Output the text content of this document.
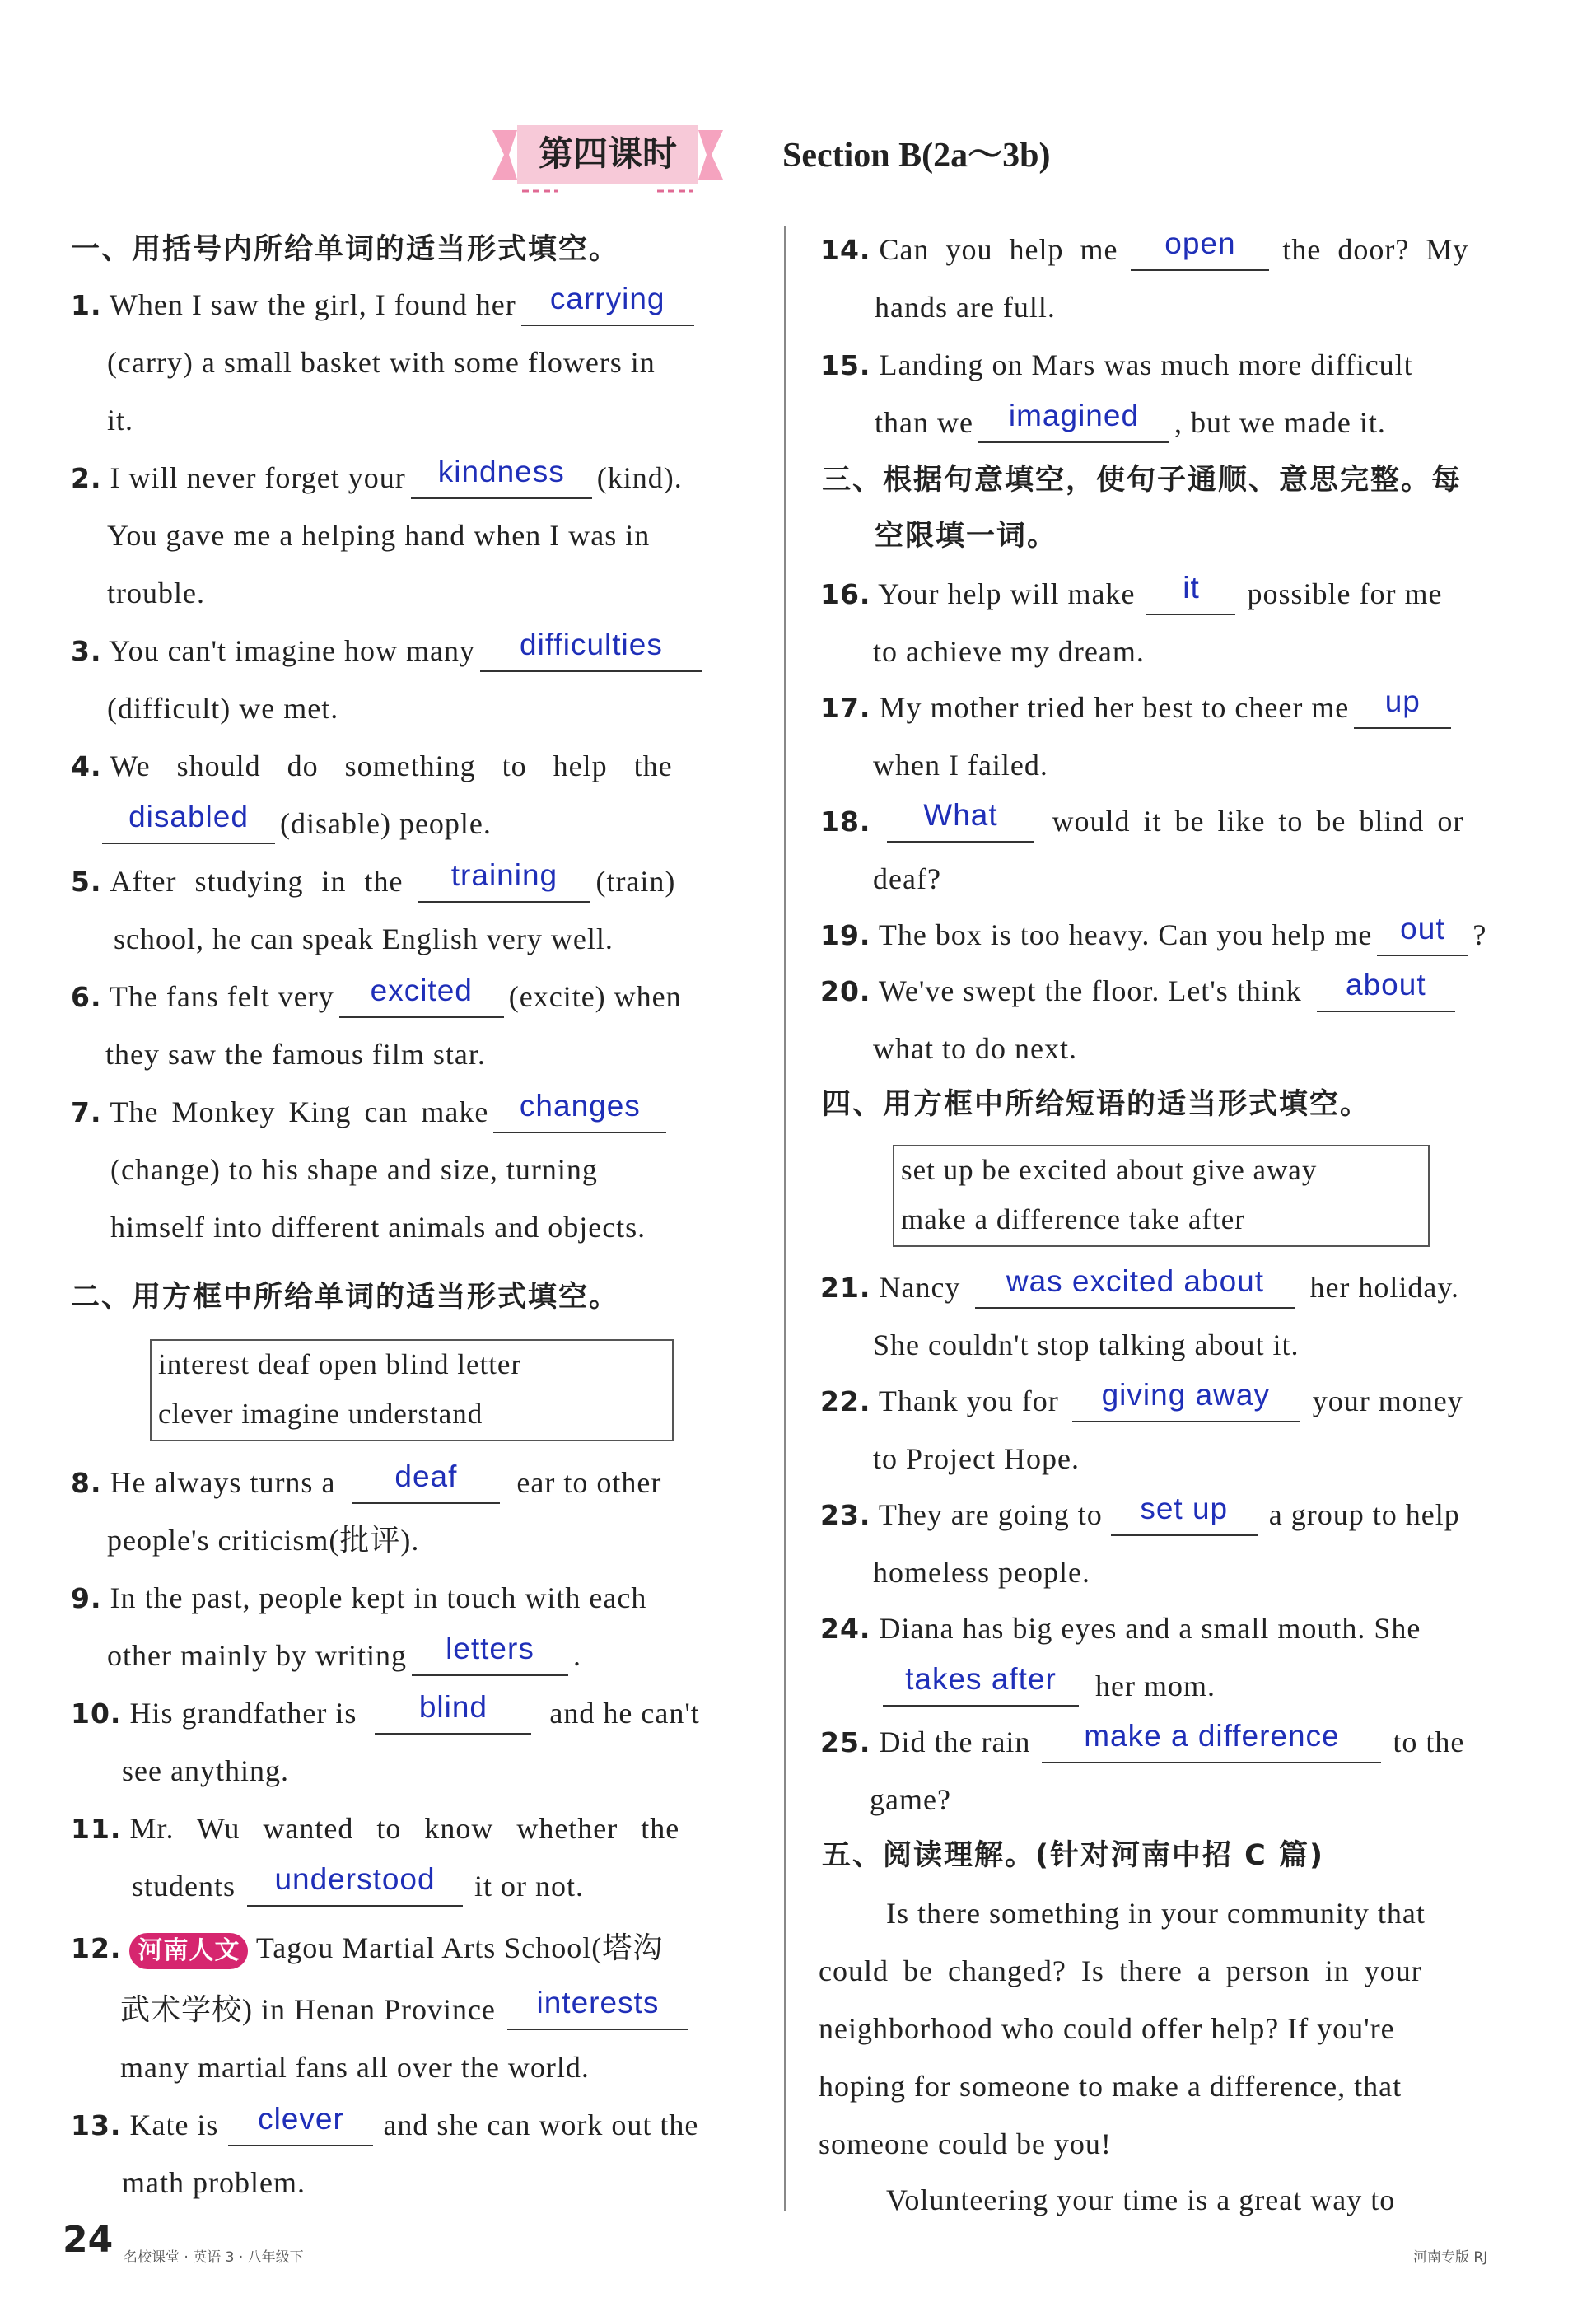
第四课时	Section B(2a～3b)
一、用括号内所给单词的适当形式填空。
1. When I saw the girl, I found her	carrying
(carry) a small basket with some flowers in
it.
2. I will never forget your	kindness	(kind).
You gave me a helping hand when I was in
trouble.
3. You can't imagine how many	difficulties
(difficult) we met.
4. We should do something to help the
disabled	(disable) people.
5. After studying in the	training	(train)
school, he can speak English very well.
6. The fans felt very	excited	(excite) when
they saw the famous film star.
7. The Monkey King can make	changes
(change) to his shape and size, turning
himself into different animals and objects.
二、用方框中所给单词的适当形式填空。
interest deaf open blind letter
clever imagine understand
8. He always turns a	deaf	ear to other
people's criticism(批评).
9. In the past, people kept in touch with each
other mainly by writing	letters	.
10. His grandfather is	blind	and he can't
see anything.
11. Mr. Wu wanted to know whether the
students	understood	it or not.
12. 河南人文 Tagou Martial Arts School(塔沟
武术学校) in Henan Province	interests
many martial fans all over the world.
13. Kate is	clever	and she can work out the
math problem.
14. Can you help me	open	the door? My
hands are full.
15. Landing on Mars was much more difficult
than we	imagined	, but we made it.
三、根据句意填空，使句子通顺、意思完整。每
空限填一词。
16. Your help will make	it	possible for me
to achieve my dream.
17. My mother tried her best to cheer me	up
when I failed.
18.	What	would it be like to be blind or
deaf?
19. The box is too heavy. Can you help me out ?
20. We've swept the floor. Let's think	about
what to do next.
四、用方框中所给短语的适当形式填空。
set up be excited about give away
make a difference take after
21. Nancy	was excited about	her holiday.
She couldn't stop talking about it.
22. Thank you for	giving away	your money
to Project Hope.
23. They are going to	set up	a group to help
homeless people.
24. Diana has big eyes and a small mouth. She
takes after	her mom.
25. Did the rain	make a difference	to the
game?
五、阅读理解。(针对河南中招 C 篇)
Is there something in your community that
could be changed? Is there a person in your
neighborhood who could offer help? If you're
hoping for someone to make a difference, that
someone could be you!
Volunteering your time is a great way to
24 名校课堂 · 英语 3 · 八年级下	河南专版 RJ
